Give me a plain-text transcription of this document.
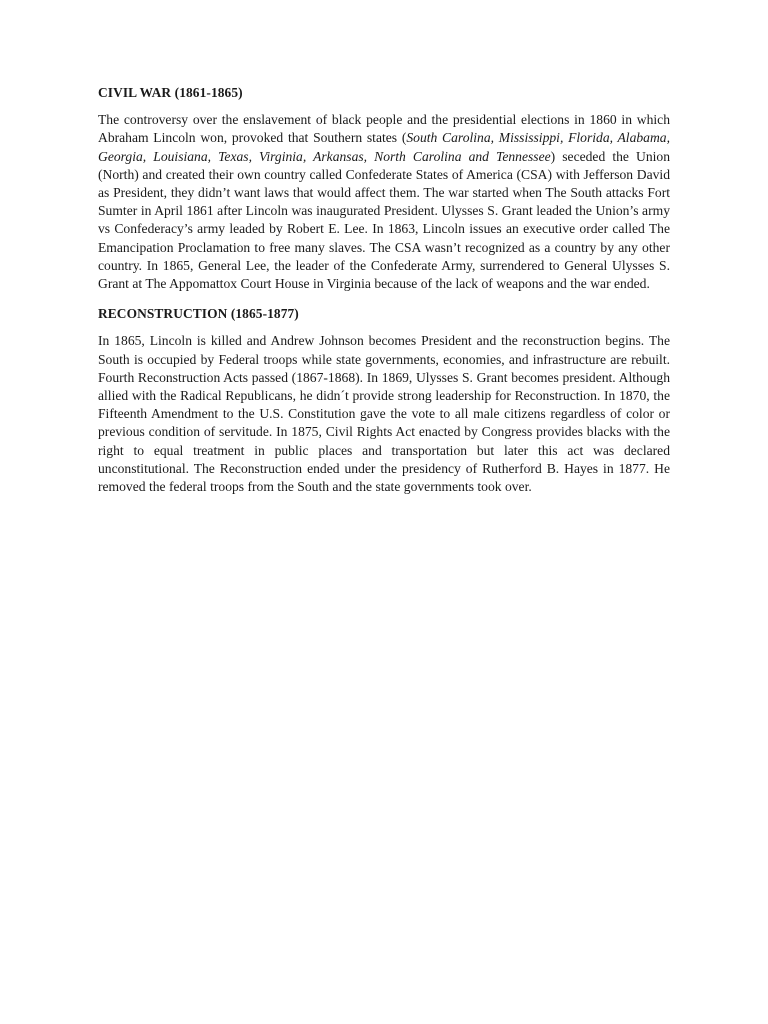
CIVIL WAR (1861-1865)

The controversy over the enslavement of black people and the presidential elections in 1860 in which Abraham Lincoln won, provoked that Southern states (South Carolina, Mississippi, Florida, Alabama, Georgia, Louisiana, Texas, Virginia, Arkansas, North Carolina and Tennessee) seceded the Union (North) and created their own country called Confederate States of America (CSA) with Jefferson David as President, they didn’t want laws that would affect them. The war started when The South attacks Fort Sumter in April 1861 after Lincoln was inaugurated President. Ulysses S. Grant leaded the Union’s army vs Confederacy’s army leaded by Robert E. Lee. In 1863, Lincoln issues an executive order called The Emancipation Proclamation to free many slaves. The CSA wasn’t recognized as a country by any other country. In 1865, General Lee, the leader of the Confederate Army, surrendered to General Ulysses S. Grant at The Appomattox Court House in Virginia because of the lack of weapons and the war ended.

RECONSTRUCTION (1865-1877)

In 1865, Lincoln is killed and Andrew Johnson becomes President and the reconstruction begins. The South is occupied by Federal troops while state governments, economies, and infrastructure are rebuilt. Fourth Reconstruction Acts passed (1867-1868). In 1869, Ulysses S. Grant becomes president. Although allied with the Radical Republicans, he didn´t provide strong leadership for Reconstruction. In 1870, the Fifteenth Amendment to the U.S. Constitution gave the vote to all male citizens regardless of color or previous condition of servitude. In 1875, Civil Rights Act enacted by Congress provides blacks with the right to equal treatment in public places and transportation but later this act was declared unconstitutional. The Reconstruction ended under the presidency of Rutherford B. Hayes in 1877. He removed the federal troops from the South and the state governments took over.
